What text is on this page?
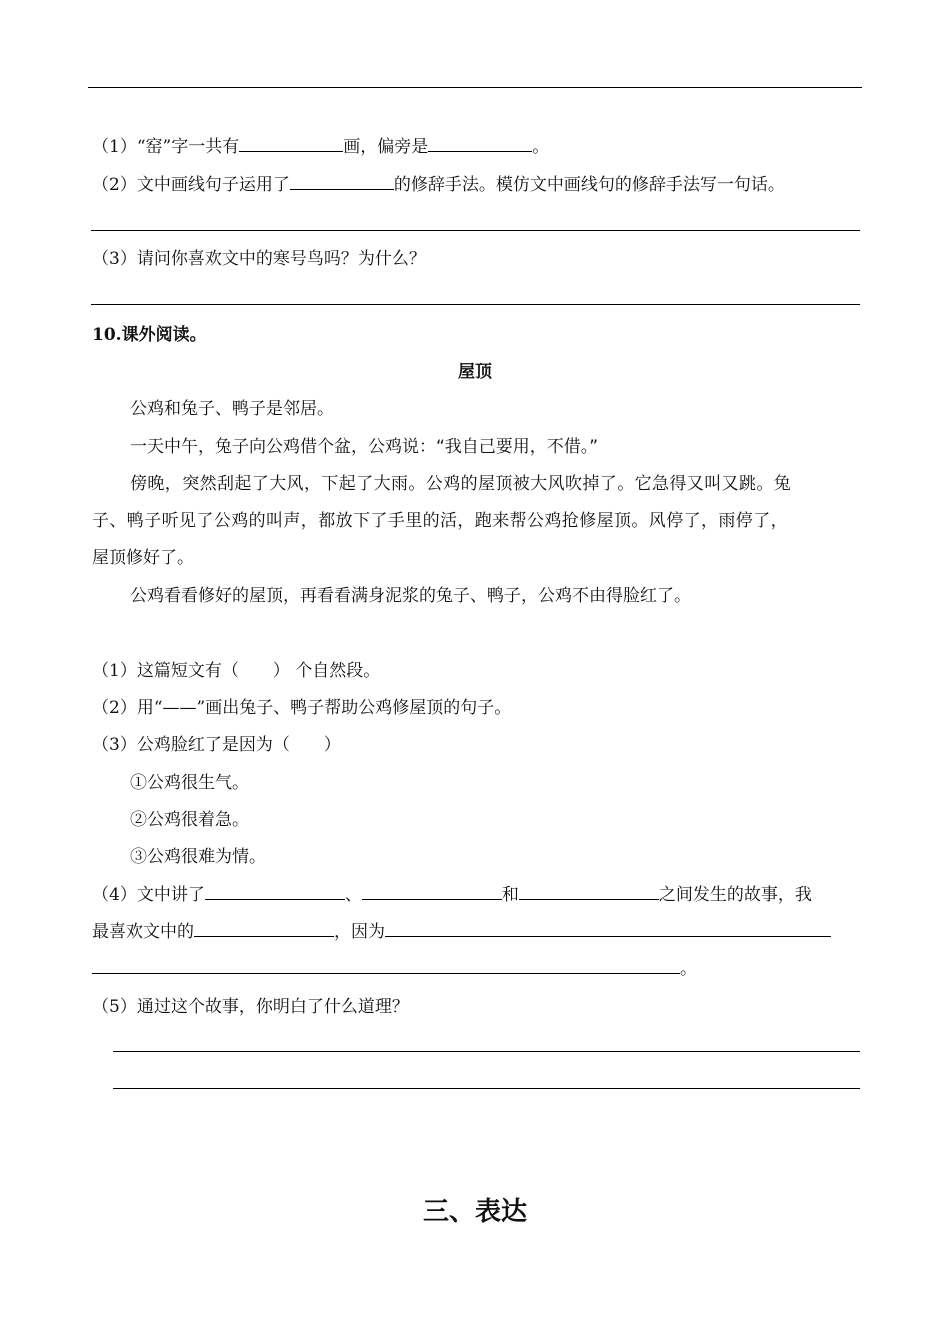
（1）“窑”字一共有	画，偏旁是	。
（2）文中画线句子运用了	的修辞手法。模仿文中画线句的修辞手法写一句话。
（3）请问你喜欢文中的寒号鸟吗？为什么？
10.课外阅读。
屋顶
公鸡和兔子、鸭子是邻居。
一天中午，兔子向公鸡借个盆，公鸡说：“我自己要用，不借。”
傍晚，突然刮起了大风，下起了大雨。公鸡的屋顶被大风吹掉了。它急得又叫又跳。兔
子、鸭子听见了公鸡的叫声，都放下了手里的活，跑来帮公鸡抢修屋顶。风停了，雨停了，
屋顶修好了。
公鸡看看修好的屋顶，再看看满身泥浆的兔子、鸭子，公鸡不由得脸红了。
（1）这篇短文有（　　） 个自然段。
（2）用“——”画出兔子、鸭子帮助公鸡修屋顶的句子。
（3）公鸡脸红了是因为（　　）
①公鸡很生气。
②公鸡很着急。
③公鸡很难为情。
（4）文中讲了	、	和	之间发生的故事，我
最喜欢文中的	，因为
。
（5）通过这个故事，你明白了什么道理？
三、表达
